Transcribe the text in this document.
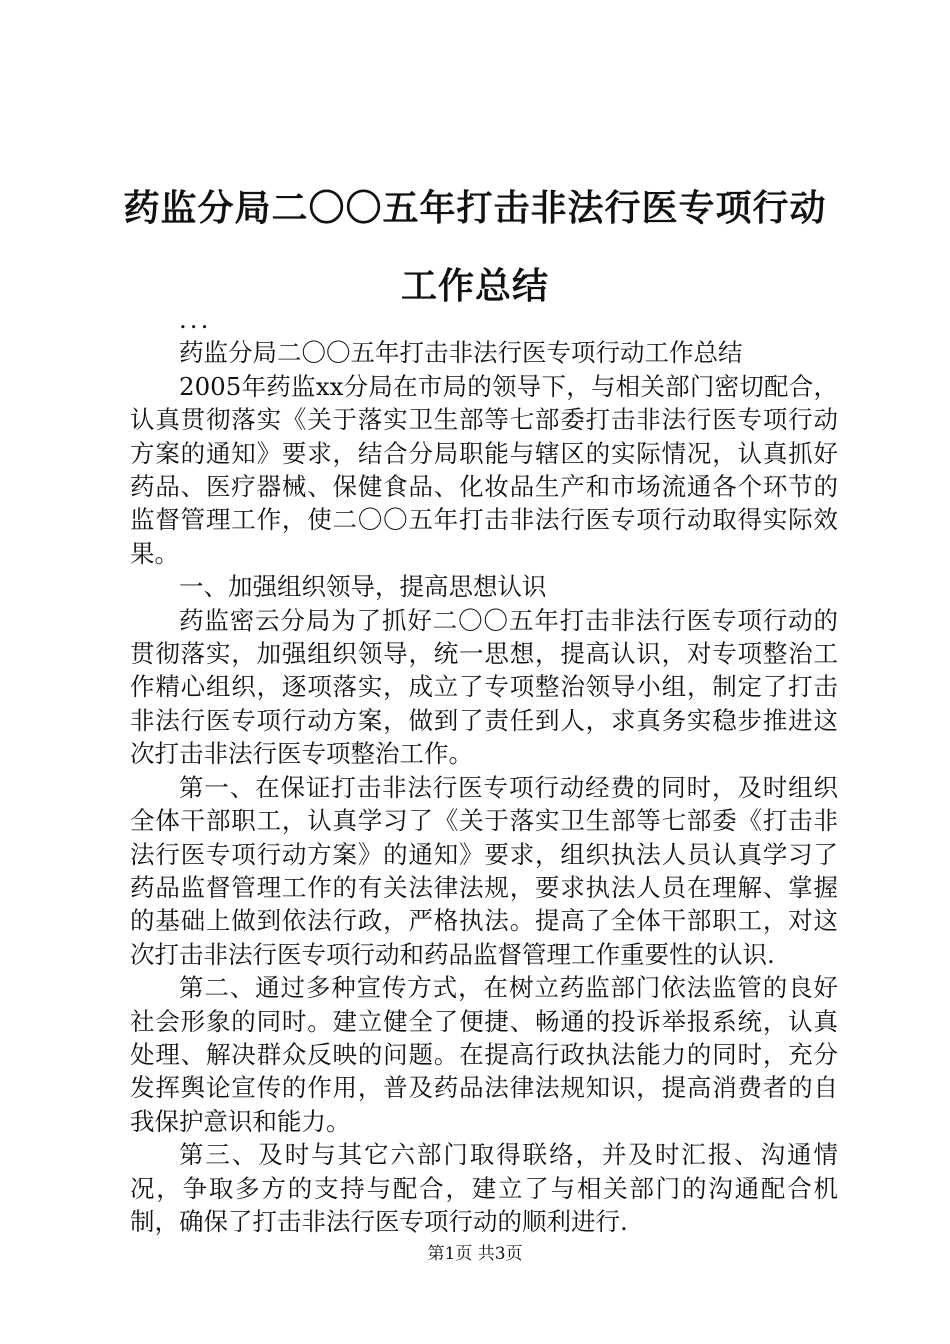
药监分局二〇〇五年打击非法行医专项行动工作总结

...

药监分局二〇〇五年打击非法行医专项行动工作总结

2005年药监xx分局在市局的领导下，与相关部门密切配合，认真贯彻落实《关于落实卫生部等七部委打击非法行医专项行动方案的通知》要求，结合分局职能与辖区的实际情况，认真抓好药品、医疗器械、保健食品、化妆品生产和市场流通各个环节的监督管理工作，使二〇〇五年打击非法行医专项行动取得实际效果。

一、加强组织领导，提高思想认识

药监密云分局为了抓好二〇〇五年打击非法行医专项行动的贯彻落实，加强组织领导，统一思想，提高认识，对专项整治工作精心组织，逐项落实，成立了专项整治领导小组，制定了打击非法行医专项行动方案，做到了责任到人，求真务实稳步推进这次打击非法行医专项整治工作。

第一、在保证打击非法行医专项行动经费的同时，及时组织全体干部职工，认真学习了《关于落实卫生部等七部委《打击非法行医专项行动方案》的通知》要求，组织执法人员认真学习了药品监督管理工作的有关法律法规，要求执法人员在理解、掌握的基础上做到依法行政，严格执法。提高了全体干部职工，对这次打击非法行医专项行动和药品监督管理工作重要性的认识.

第二、通过多种宣传方式，在树立药监部门依法监管的良好社会形象的同时。建立健全了便捷、畅通的投诉举报系统，认真处理、解决群众反映的问题。在提高行政执法能力的同时，充分发挥舆论宣传的作用，普及药品法律法规知识，提高消费者的自我保护意识和能力。

第三、及时与其它六部门取得联络，并及时汇报、沟通情况，争取多方的支持与配合，建立了与相关部门的沟通配合机制，确保了打击非法行医专项行动的顺利进行.

第1页 共3页
